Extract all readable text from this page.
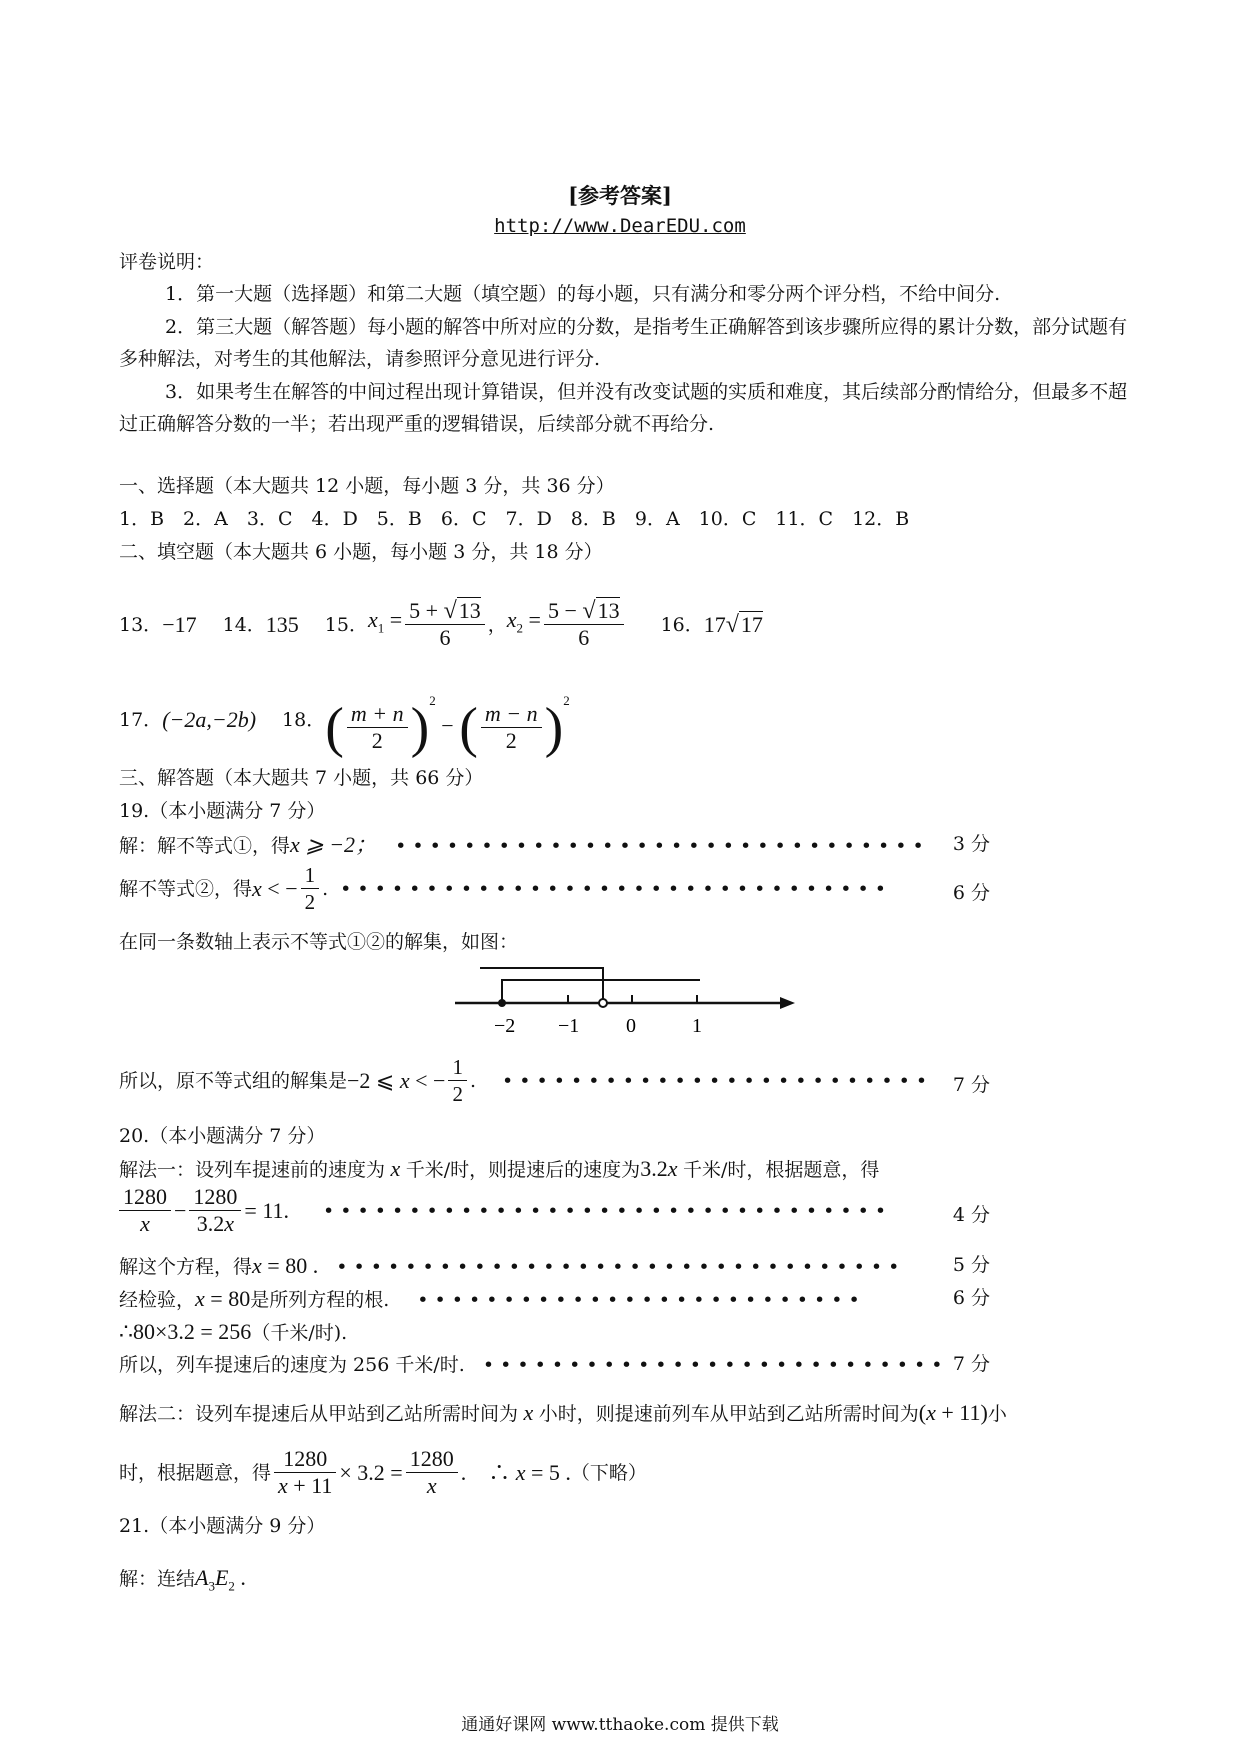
[参考答案]
http://www.DearEDU.com
评卷说明：
1．第一大题（选择题）和第二大题（填空题）的每小题，只有满分和零分两个评分档，不给中间分.
2．第三大题（解答题）每小题的解答中所对应的分数，是指考生正确解答到该步骤所应得的累计分数，部分试题有多种解法，对考生的其他解法，请参照评分意见进行评分.
3．如果考生在解答的中间过程出现计算错误，但并没有改变试题的实质和难度，其后续部分酌情给分，但最多不超过正确解答分数的一半；若出现严重的逻辑错误，后续部分就不再给分.
一、选择题（本大题共 12 小题，每小题 3 分，共 36 分）
1．B　2．A　3．C　4．D　5．B　6．C　7．D　8．B　9．A　10．C　11．C　12．B
二、填空题（本大题共 6 小题，每小题 3 分，共 18 分）
13． −17 14． 135 15． $x_1 = \frac{5 + √13}{6}$ ， $x_2 = \frac{5 - √13}{6} 16$． 17√17
17． (−2a,−2b) 18． ( $\frac{m + n}{2} )^2$ − ( $\frac{m - n}{2} )^2$
三、解答题（本大题共 7 小题，共 66 分）
19.（本小题满分 7 分）
解：解不等式①，得x ⩾ −2； • • • • • • • • • • • • • • • • • • • • • • • • • • • • • • • 3 分
解不等式②，得 x < − $\frac{1}{2}$ . • • • • • • • • • • • • • • • • • • • • • • • • • • • • • • • •	6 分
在同一条数轴上表示不等式①②的解集，如图：
−2 −1 0	1
所以，原不等式组的解集是 −2 ⩽ x < − $\frac{1}{2}$ . • • • • • • • • • • • • • • • • • • • • • • • • • 7 分
20.（本小题满分 7 分）
解法一：设列车提速前的速度为 x 千米/时，则提速后的速度为3.2x 千米/时，根据题意，得
$\frac{1280}{x} - \frac{1280}{3.2x} = 11$. • • • • • • • • • • • • • • • • • • • • • • • • • • • • • • • • •	4 分
解这个方程，得x = 80 . • • • • • • • • • • • • • • • • • • • • • • • • • • • • • • • • •	5 分
经检验，x = 80是所列方程的根. • • • • • • • • • • • • • • • • • • • • • • • • • •	6 分
∴80×3.2 = 256（千米/时).
所以，列车提速后的速度为 256 千米/时. • • • • • • • • • • • • • • • • • • • • • • • • • • • 7 分
解法二：设列车提速后从甲站到乙站所需时间为 x 小时，则提速前列车从甲站到乙站所需时间为(x + 11)小
时，根据题意，得 $\frac{1280}{x + 11} \times 3.2 = \frac{1280}{x}$ .　∴ x = 5 . （下略）
21.（本小题满分 9 分）
解：连结$A_3E_2$ .
通通好课网 www.tthaoke.com 提供下载
